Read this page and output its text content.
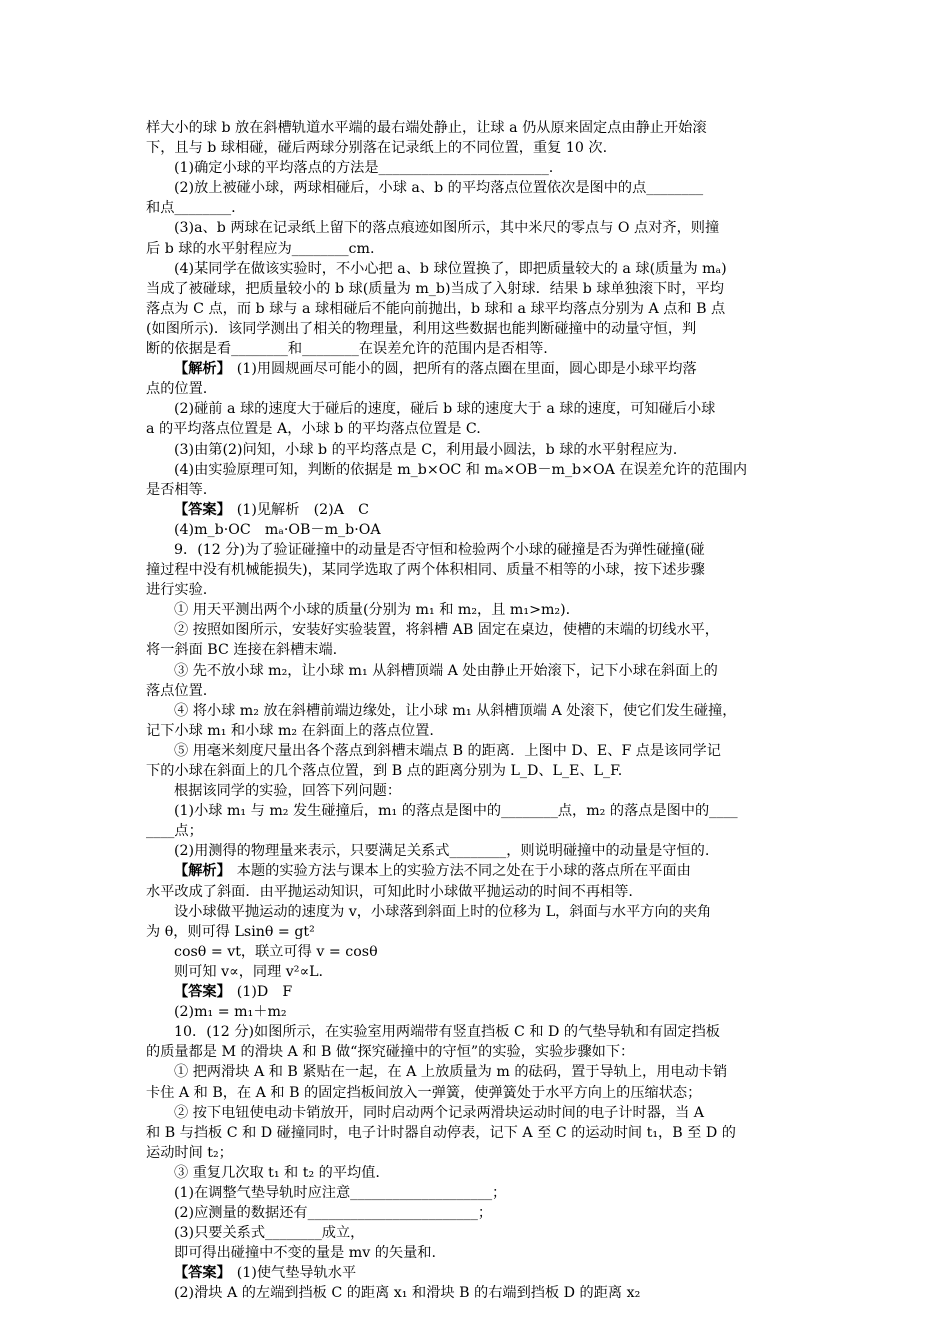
样大小的球 b 放在斜槽轨道水平端的最右端处静止，让球 a 仍从原来固定点由静止开始滚
下，且与 b 球相碰，碰后两球分别落在记录纸上的不同位置，重复 10 次.
(1)确定小球的平均落点的方法是________________________.
(2)放上被碰小球，两球相碰后，小球 a、b 的平均落点位置依次是图中的点________
和点________.
(3)a、b 两球在记录纸上留下的落点痕迹如图所示，其中米尺的零点与 O 点对齐，则撞
后 b 球的水平射程应为________cm.
(4)某同学在做该实验时，不小心把 a、b 球位置换了，即把质量较大的 a 球(质量为 mₐ)
当成了被碰球，把质量较小的 b 球(质量为 m_b)当成了入射球．结果 b 球单独滚下时，平均
落点为 C 点，而 b 球与 a 球相碰后不能向前抛出，b 球和 a 球平均落点分别为 A 点和 B 点
(如图所示)．该同学测出了相关的物理量，利用这些数据也能判断碰撞中的动量守恒，判
断的依据是看________和________在误差允许的范围内是否相等.
【解析】 (1)用圆规画尽可能小的圆，把所有的落点圈在里面，圆心即是小球平均落
点的位置.
(2)碰前 a 球的速度大于碰后的速度，碰后 b 球的速度大于 a 球的速度，可知碰后小球
a 的平均落点位置是 A，小球 b 的平均落点位置是 C.
(3)由第(2)问知，小球 b 的平均落点是 C，利用最小圆法，b 球的水平射程应为.
(4)由实验原理可知，判断的依据是 m_b×OC 和 mₐ×OB－m_b×OA 在误差允许的范围内
是否相等.
【答案】 (1)见解析　(2)A　C
(4)m_b·OC　mₐ·OB－m_b·OA
9．(12 分)为了验证碰撞中的动量是否守恒和检验两个小球的碰撞是否为弹性碰撞(碰
撞过程中没有机械能损失)，某同学选取了两个体积相同、质量不相等的小球，按下述步骤
进行实验.
① 用天平测出两个小球的质量(分别为 m₁ 和 m₂，且 m₁>m₂).
② 按照如图所示，安装好实验装置，将斜槽 AB 固定在桌边，使槽的末端的切线水平，
将一斜面 BC 连接在斜槽末端.
③ 先不放小球 m₂，让小球 m₁ 从斜槽顶端 A 处由静止开始滚下，记下小球在斜面上的
落点位置.
④ 将小球 m₂ 放在斜槽前端边缘处，让小球 m₁ 从斜槽顶端 A 处滚下，使它们发生碰撞，
记下小球 m₁ 和小球 m₂ 在斜面上的落点位置.
⑤ 用毫米刻度尺量出各个落点到斜槽末端点 B 的距离．上图中 D、E、F 点是该同学记
下的小球在斜面上的几个落点位置，到 B 点的距离分别为 L_D、L_E、L_F.
根据该同学的实验，回答下列问题：
(1)小球 m₁ 与 m₂ 发生碰撞后，m₁ 的落点是图中的________点，m₂ 的落点是图中的____
____点；
(2)用测得的物理量来表示，只要满足关系式________，则说明碰撞中的动量是守恒的.
【解析】 本题的实验方法与课本上的实验方法不同之处在于小球的落点所在平面由
水平改成了斜面．由平抛运动知识，可知此时小球做平抛运动的时间不再相等.
设小球做平抛运动的速度为 v，小球落到斜面上时的位移为 L，斜面与水平方向的夹角
为 θ，则可得 Lsinθ = gt²
cosθ = vt，联立可得 v = cosθ
则可知 v∝，同理 v²∝L.
【答案】 (1)D　F
(2)m₁ = m₁＋m₂
10．(12 分)如图所示，在实验室用两端带有竖直挡板 C 和 D 的气垫导轨和有固定挡板
的质量都是 M 的滑块 A 和 B 做“探究碰撞中的守恒”的实验，实验步骤如下：
① 把两滑块 A 和 B 紧贴在一起，在 A 上放质量为 m 的砝码，置于导轨上，用电动卡销
卡住 A 和 B，在 A 和 B 的固定挡板间放入一弹簧，使弹簧处于水平方向上的压缩状态；
② 按下电钮使电动卡销放开，同时启动两个记录两滑块运动时间的电子计时器，当 A
和 B 与挡板 C 和 D 碰撞同时，电子计时器自动停表，记下 A 至 C 的运动时间 t₁，B 至 D 的
运动时间 t₂；
③ 重复几次取 t₁ 和 t₂ 的平均值.
(1)在调整气垫导轨时应注意____________________；
(2)应测量的数据还有________________________；
(3)只要关系式________成立，
即可得出碰撞中不变的量是 mv 的矢量和.
【答案】 (1)使气垫导轨水平
(2)滑块 A 的左端到挡板 C 的距离 x₁ 和滑块 B 的右端到挡板 D 的距离 x₂
